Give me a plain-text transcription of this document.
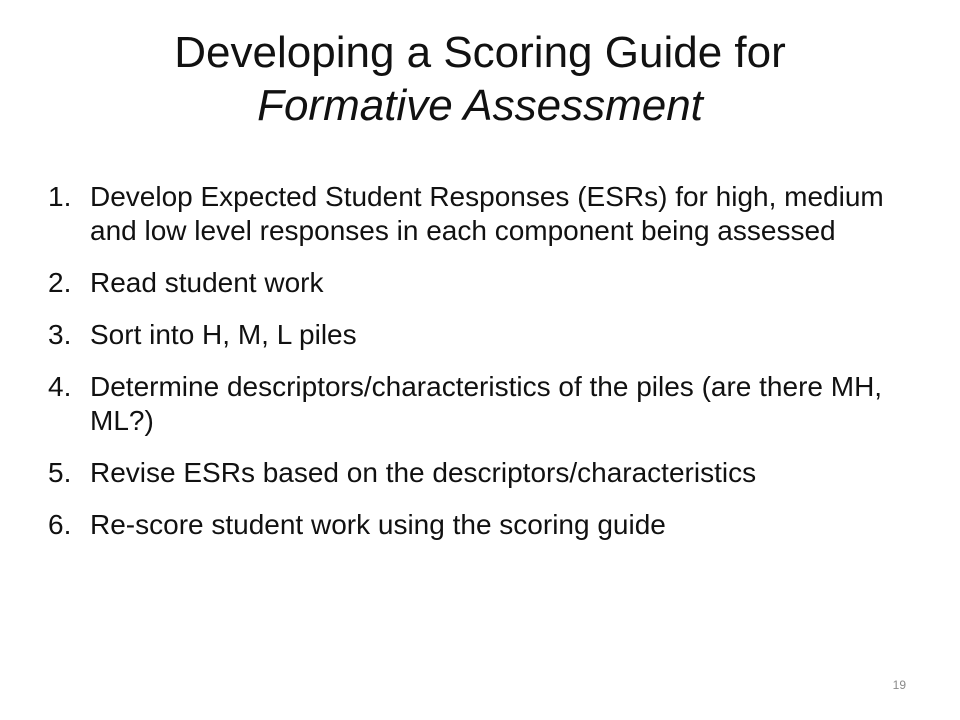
Developing a Scoring Guide for
Formative Assessment
1. Develop Expected Student Responses (ESRs) for high, medium and low level responses in each component being assessed
2. Read student work
3. Sort into H, M, L piles
4. Determine descriptors/characteristics of the piles (are there MH, ML?)
5. Revise ESRs based on the descriptors/characteristics
6. Re-score student work using the scoring guide
19
